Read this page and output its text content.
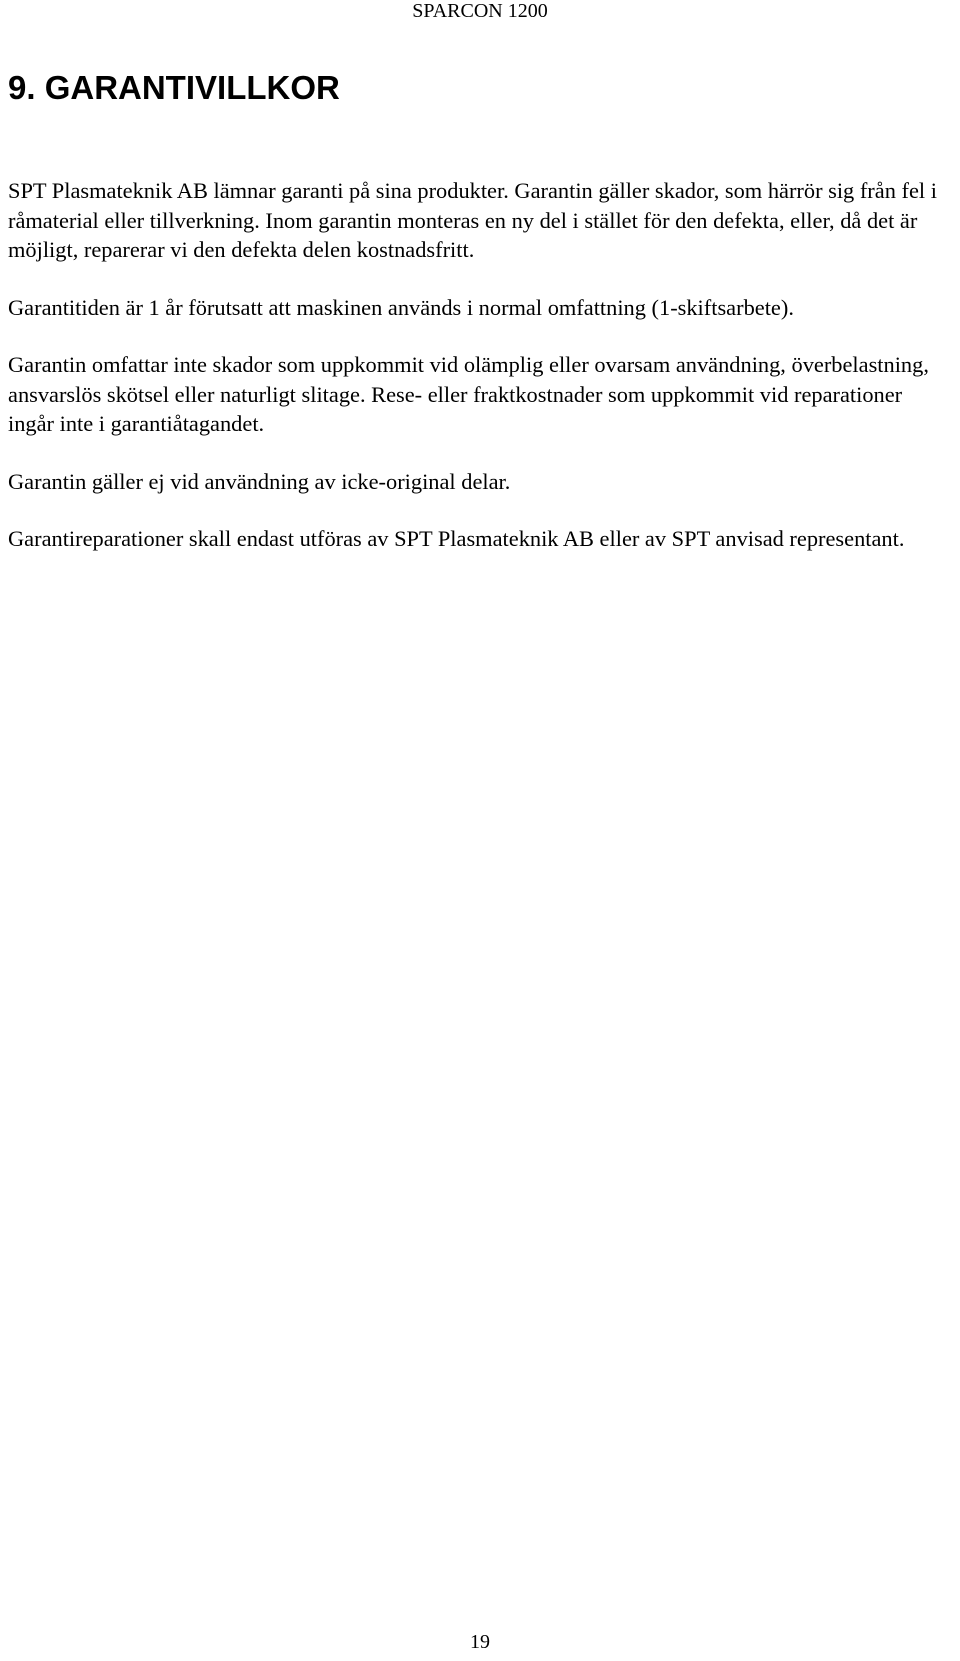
SPARCON 1200
9. GARANTIVILLKOR

SPT Plasmateknik AB lämnar garanti på sina produkter. Garantin gäller skador, som härrör sig från fel i råmaterial eller tillverkning. Inom garantin monteras en ny del i stället för den defekta, eller, då det är möjligt, reparerar vi den defekta delen kostnadsfritt.

Garantitiden är 1 år förutsatt att maskinen används i normal omfattning (1-skiftsarbete).

Garantin omfattar inte skador som uppkommit vid olämplig eller ovarsam användning, överbelastning, ansvarslös skötsel eller naturligt slitage. Rese- eller fraktkostnader som uppkommit vid reparationer ingår inte i garantiåtagandet.

Garantin gäller ej vid användning av icke-original delar.

Garantireparationer skall endast utföras av SPT Plasmateknik AB eller av SPT anvisad representant.

19
